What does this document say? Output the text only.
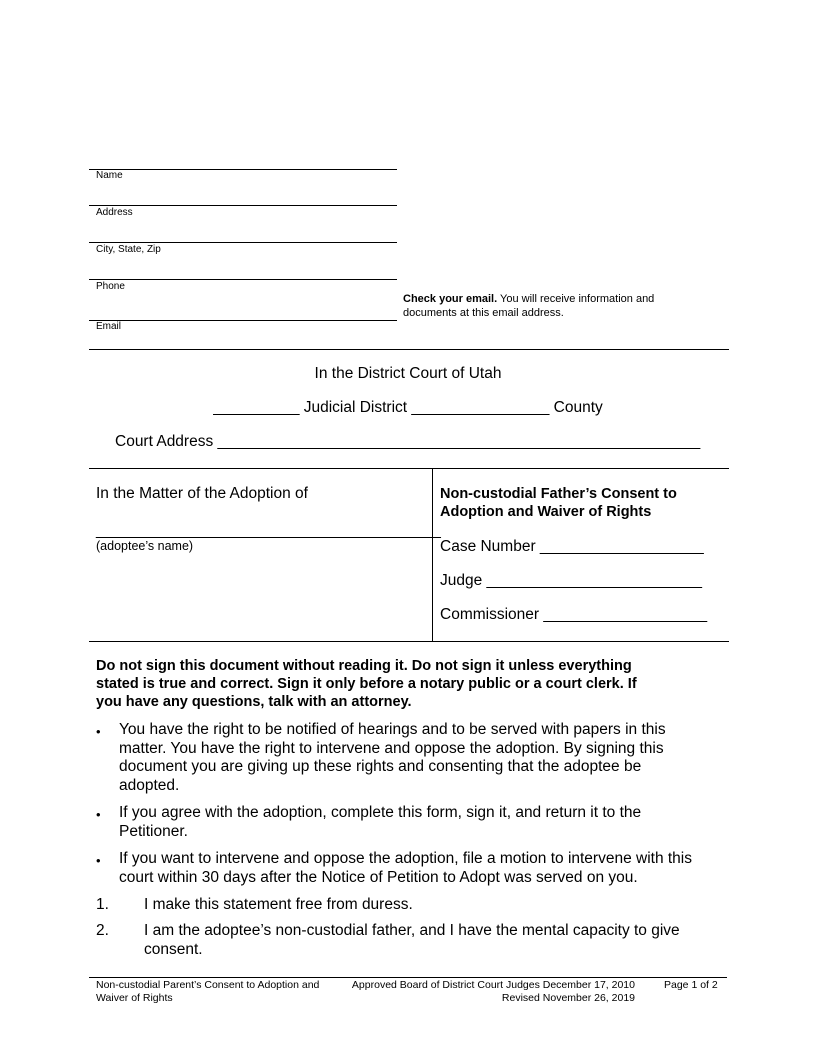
Name
Address
City, State, Zip
Phone
Email
Check your email. You will receive information and
documents at this email address.
In the District Court of Utah
__________ Judicial District ________________ County
Court Address ________________________________________________________
In the Matter of the Adoption of
________________________________________
(adoptee’s name)
Non-custodial Father’s Consent to
Adoption and Waiver of Rights
Case Number ___________________
Judge _________________________
Commissioner ___________________
Do not sign this document without reading it. Do not sign it unless everything
stated is true and correct. Sign it only before a notary public or a court clerk. If
you have any questions, talk with an attorney.
• You have the right to be notified of hearings and to be served with papers in this
matter. You have the right to intervene and oppose the adoption. By signing this
document you are giving up these rights and consenting that the adoptee be
adopted.
• If you agree with the adoption, complete this form, sign it, and return it to the
Petitioner.
• If you want to intervene and oppose the adoption, file a motion to intervene with this
court within 30 days after the Notice of Petition to Adopt was served on you.
1. I make this statement free from duress.
2. I am the adoptee’s non-custodial father, and I have the mental capacity to give
consent.
Non-custodial Parent’s Consent to Adoption and
Waiver of Rights
Approved Board of District Court Judges December 17, 2010
Revised November 26, 2019
Page 1 of 2
